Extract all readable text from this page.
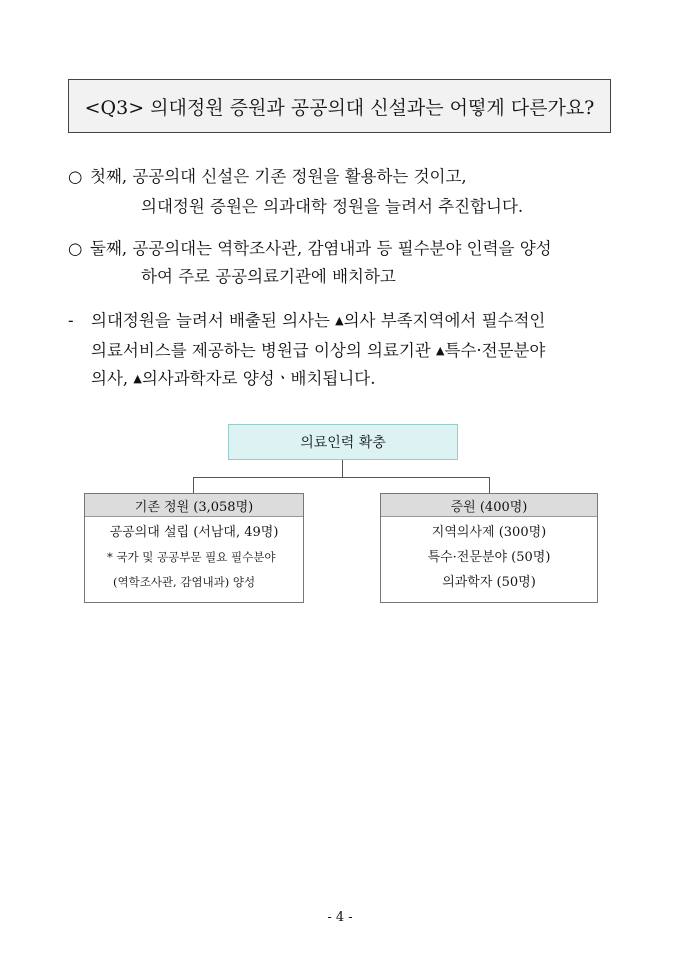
<Q3> 의대정원 증원과 공공의대 신설과는 어떻게 다른가요?
○ 첫째, 공공의대 신설은 기존 정원을 활용하는 것이고,
의대정원 증원은 의과대학 정원을 늘려서 추진합니다.
○ 둘째, 공공의대는 역학조사관, 감염내과 등 필수분야 인력을 양성
하여 주로 공공의료기관에 배치하고
- 의대정원을 늘려서 배출된 의사는 ▲의사 부족지역에서 필수적인
의료서비스를 제공하는 병원급 이상의 의료기관 ▲특수·전문분야
의사, ▲의사과학자로 양성ㆍ배치됩니다.
의료인력 확충
기존 정원 (3,058명)
공공의대 설립 (서남대, 49명)
* 국가 및 공공부문 필요 필수분야
(역학조사관, 감염내과) 양성
증원 (400명)
지역의사제 (300명)
특수·전문분야 (50명)
의과학자 (50명)
- 4 -
